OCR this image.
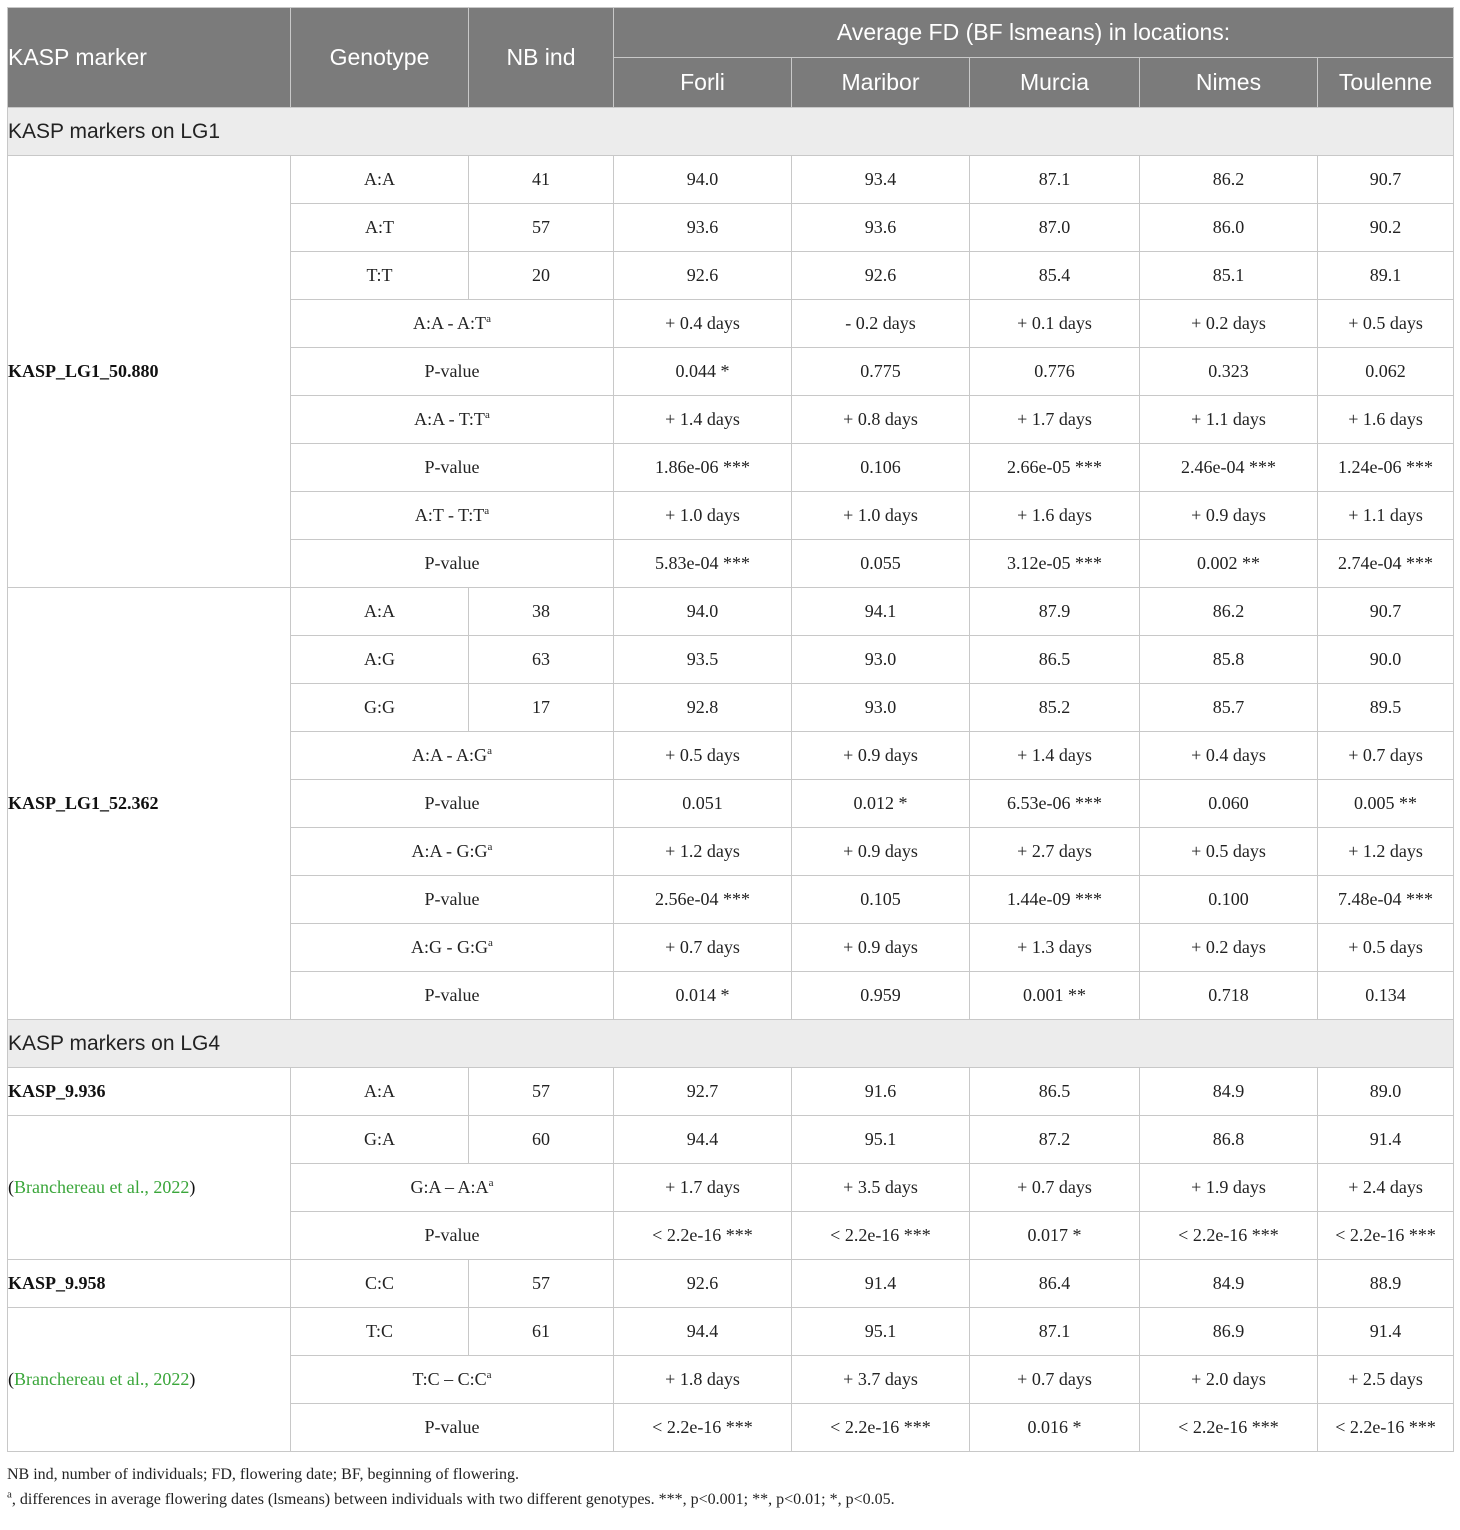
KASP marker	Genotype	NB ind	Average FD (BF lsmeans) in locations:				
			Forli	Maribor	Murcia	Nimes	Toulenne
KASP markers on LG1							
KASP_LG1_50.880	A:A	41	94.0	93.4	87.1	86.2	90.7
	A:T	57	93.6	93.6	87.0	86.0	90.2
	T:T	20	92.6	92.6	85.4	85.1	89.1
	A:A - $A:T^a$		+ 0.4 days	- 0.2 days	+ 0.1 days	+ 0.2 days	+ 0.5 days
	P-value		0.044 *	0.775	0.776	0.323	0.062
	A:A - $T:T^a$		+ 1.4 days	+ 0.8 days	+ 1.7 days	+ 1.1 days	+ 1.6 days
	P-value		1.86e-06 ***	0.106	2.66e-05 ***	2.46e-04 ***	1.24e-06 ***
	A:T - $T:T^a$		+ 1.0 days	+ 1.0 days	+ 1.6 days	+ 0.9 days	+ 1.1 days
	P-value		5.83e-04 ***	0.055	3.12e-05 ***	0.002 **	2.74e-04 ***
KASP_LG1_52.362	A:A	38	94.0	94.1	87.9	86.2	90.7
	A:G	63	93.5	93.0	86.5	85.8	90.0
	G:G	17	92.8	93.0	85.2	85.7	89.5
	A:A - $A:G^a$		+ 0.5 days	+ 0.9 days	+ 1.4 days	+ 0.4 days	+ 0.7 days
	P-value		0.051	0.012 *	6.53e-06 ***	0.060	0.005 **
	A:A - $G:G^a$		+ 1.2 days	+ 0.9 days	+ 2.7 days	+ 0.5 days	+ 1.2 days
	P-value		2.56e-04 ***	0.105	1.44e-09 ***	0.100	7.48e-04 ***
	A:G - $G:G^a$		+ 0.7 days	+ 0.9 days	+ 1.3 days	+ 0.2 days	+ 0.5 days
	P-value		0.014 *	0.959	0.001 **	0.718	0.134
KASP markers on LG4							
KASP_9.936	A:A	57	92.7	91.6	86.5	84.9	89.0
(Branchereau et al., 2022)	G:A	60	94.4	95.1	87.2	86.8	91.4
	G:A – $A:A^a$		+ 1.7 days	+ 3.5 days	+ 0.7 days	+ 1.9 days	+ 2.4 days
	P-value		< 2.2e-16 ***	< 2.2e-16 ***	0.017 *	< 2.2e-16 ***	< 2.2e-16 ***
KASP_9.958	C:C	57	92.6	91.4	86.4	84.9	88.9
(Branchereau et al., 2022)	T:C	61	94.4	95.1	87.1	86.9	91.4
	T:C – $C:C^a$		+ 1.8 days	+ 3.7 days	+ 0.7 days	+ 2.0 days	+ 2.5 days
	P-value		< 2.2e-16 ***	< 2.2e-16 ***	0.016 *	< 2.2e-16 ***	< 2.2e-16 ***

NB ind, number of individuals; FD, flowering date; BF, beginning of flowering.

$^a$, differences in average flowering dates (lsmeans) between individuals with two different genotypes. ***, p<0.001; **, p<0.01; *, p<0.05.
